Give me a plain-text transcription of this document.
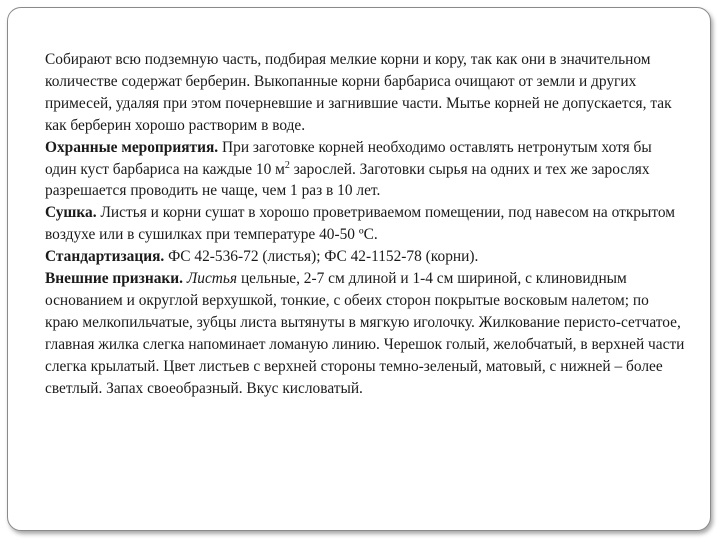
Собирают всю подземную часть, подбирая мелкие корни и кору, так как они в значительном количестве содержат берберин. Выкопанные корни барбариса очищают от земли и других примесей, удаляя при этом почерневшие и загнившие части. Мытье корней не допускается, так как берберин хорошо растворим в воде.

Охранные мероприятия. При заготовке корней необходимо оставлять нетронутым хотя бы один куст барбариса на каждые 10 $м^2$ зарослей. Заготовки сырья на одних и тех же зарослях разрешается проводить не чаще, чем 1 раз в 10 лет.

Сушка. Листья и корни сушат в хорошо проветриваемом помещении, под навесом на открытом воздухе или в сушилках при температуре 40-50 ºС.

Стандартизация. ФС 42-536-72 (листья); ФС 42-1152-78 (корни).

Внешние признаки. Листья цельные, 2-7 см длиной и 1-4 см шириной, с клиновидным основанием и округлой верхушкой, тонкие, с обеих сторон покрытые восковым налетом; по краю мелкопильчатые, зубцы листа вытянуты в мягкую иголочку. Жилкование перисто-сетчатое, главная жилка слегка напоминает ломаную линию. Черешок голый, желобчатый, в верхней части слегка крылатый. Цвет листьев с верхней стороны темно-зеленый, матовый, с нижней – более светлый. Запах своеобразный. Вкус кисловатый.
